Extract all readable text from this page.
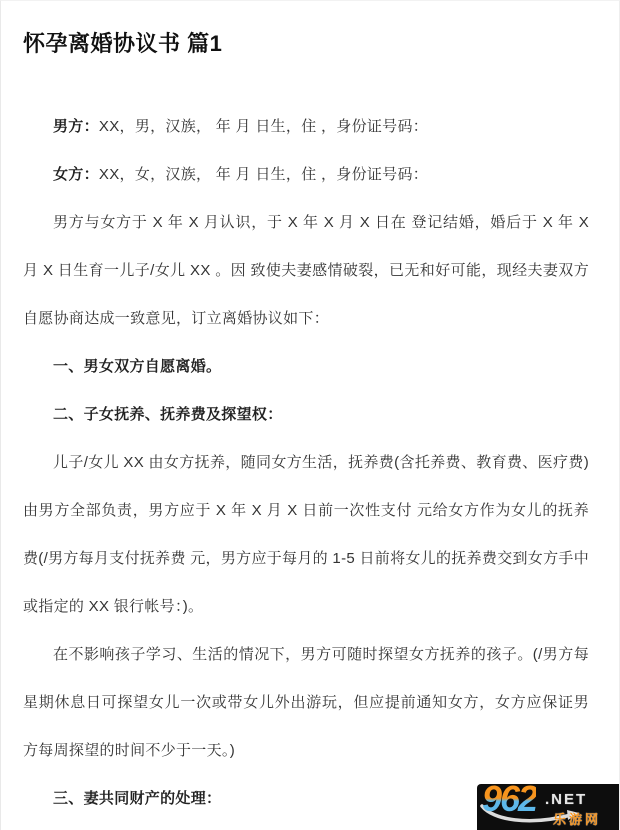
怀孕离婚协议书 篇1

男方：XX，男，汉族， 年 月 日生，住 ，身份证号码：

女方：XX，女，汉族， 年 月 日生，住 ，身份证号码：

男方与女方于 X 年 X 月认识，于 X 年 X 月 X 日在 登记结婚，婚后于 X 年 X 月 X 日生育一儿子/女儿 XX 。因 致使夫妻感情破裂，已无和好可能，现经夫妻双方自愿协商达成一致意见，订立离婚协议如下：

一、男女双方自愿离婚。

二、子女抚养、抚养费及探望权：

儿子/女儿 XX 由女方抚养，随同女方生活，抚养费(含托养费、教育费、医疗费)由男方全部负责，男方应于 X 年 X 月 X 日前一次性支付 元给女方作为女儿的抚养费(/男方每月支付抚养费 元，男方应于每月的 1-5 日前将女儿的抚养费交到女方手中或指定的 XX 银行帐号：)。

在不影响孩子学习、生活的情况下，男方可随时探望女方抚养的孩子。(/男方每星期休息日可探望女儿一次或带女儿外出游玩，但应提前通知女方，女方应保证男方每周探望的时间不少于一天。)

三、妻共同财产的处理：	962 .NET
乐游网
